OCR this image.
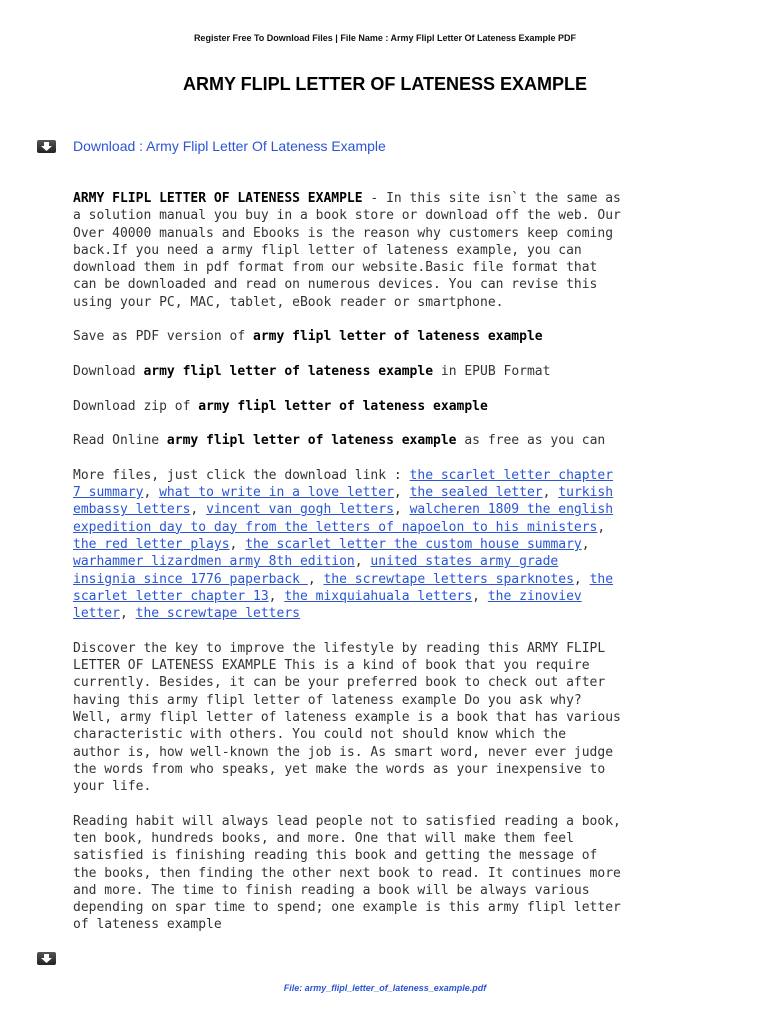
Register Free To Download Files | File Name : Army Flipl Letter Of Lateness Example PDF
ARMY FLIPL LETTER OF LATENESS EXAMPLE
Download : Army Flipl Letter Of Lateness Example

ARMY FLIPL LETTER OF LATENESS EXAMPLE - In this site isn`t the same as
a solution manual you buy in a book store or download off the web. Our
Over 40000 manuals and Ebooks is the reason why customers keep coming
back.If you need a army flipl letter of lateness example, you can
download them in pdf format from our website.Basic file format that
can be downloaded and read on numerous devices. You can revise this
using your PC, MAC, tablet, eBook reader or smartphone.

Save as PDF version of army flipl letter of lateness example

Download army flipl letter of lateness example in EPUB Format

Download zip of army flipl letter of lateness example

Read Online army flipl letter of lateness example as free as you can

More files, just click the download link : the scarlet letter chapter
7 summary, what to write in a love letter, the sealed letter, turkish
embassy letters, vincent van gogh letters, walcheren 1809 the english
expedition day to day from the letters of napoelon to his ministers,
the red letter plays, the scarlet letter the custom house summary,
warhammer lizardmen army 8th edition, united states army grade
insignia since 1776 paperback , the screwtape letters sparknotes, the
scarlet letter chapter 13, the mixquiahuala letters, the zinoviev
letter, the screwtape letters

Discover the key to improve the lifestyle by reading this ARMY FLIPL
LETTER OF LATENESS EXAMPLE This is a kind of book that you require
currently. Besides, it can be your preferred book to check out after
having this army flipl letter of lateness example Do you ask why?
Well, army flipl letter of lateness example is a book that has various
characteristic with others. You could not should know which the
author is, how well-known the job is. As smart word, never ever judge
the words from who speaks, yet make the words as your inexpensive to
your life.

Reading habit will always lead people not to satisfied reading a book,
ten book, hundreds books, and more. One that will make them feel
satisfied is finishing reading this book and getting the message of
the books, then finding the other next book to read. It continues more
and more. The time to finish reading a book will be always various
depending on spar time to spend; one example is this army flipl letter
of lateness example

File: army_flipl_letter_of_lateness_example.pdf
